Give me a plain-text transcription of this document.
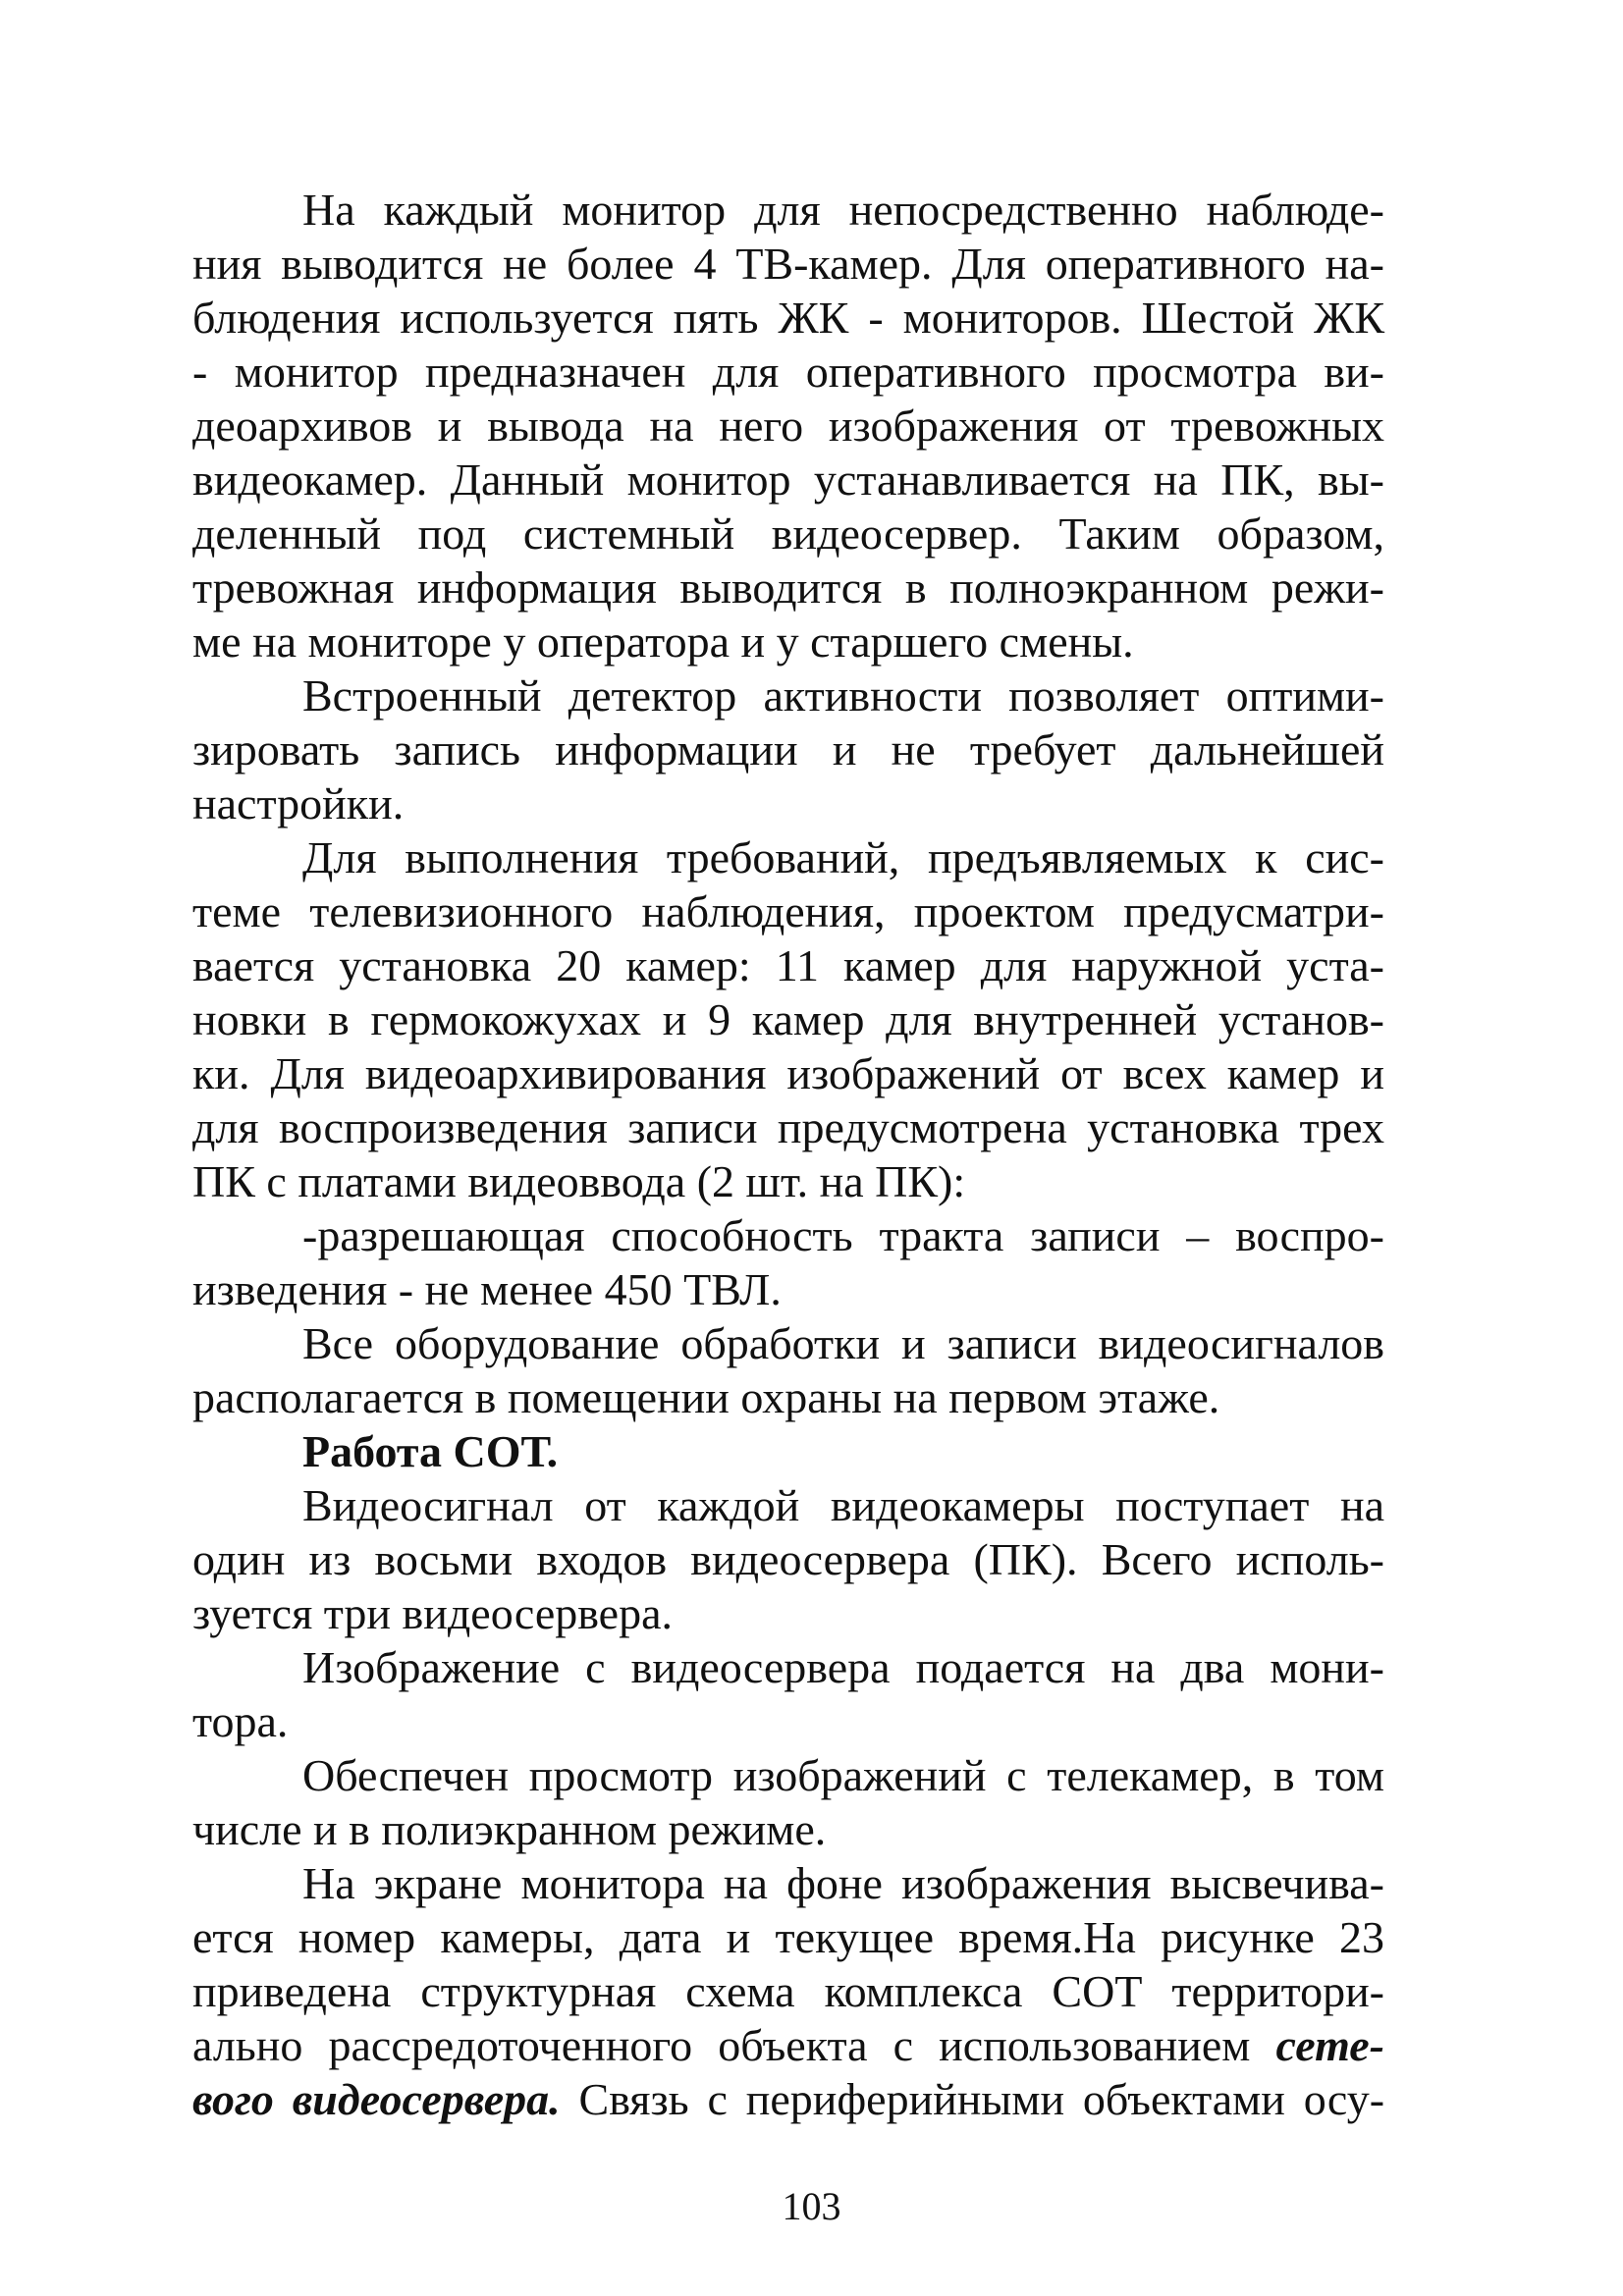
На каждый монитор для непосредственно наблюде-
ния выводится не более 4 ТВ-камер. Для оперативного на-
блюдения используется пять ЖК - мониторов. Шестой ЖК
- монитор предназначен для оперативного просмотра ви-
деоархивов и вывода на него изображения от тревожных
видеокамер. Данный монитор устанавливается на ПК, вы-
деленный под системный видеосервер. Таким образом,
тревожная информация выводится в полноэкранном режи-
ме на мониторе у оператора и у старшего смены.
Встроенный детектор активности позволяет оптими-
зировать запись информации и не требует дальнейшей
настройки.
Для выполнения требований, предъявляемых к сис-
теме телевизионного наблюдения, проектом предусматри-
вается установка 20 камер: 11 камер для наружной уста-
новки в гермокожухах и 9 камер для внутренней установ-
ки. Для видеоархивирования изображений от всех камер и
для воспроизведения записи предусмотрена установка трех
ПК с платами видеоввода (2 шт. на ПК):
-разрешающая способность тракта записи – воспро-
изведения - не менее 450 ТВЛ.
Все оборудование обработки и записи видеосигналов
располагается в помещении охраны на первом этаже.
Работа СОТ.
Видеосигнал от каждой видеокамеры поступает на
один из восьми входов видеосервера (ПК). Всего исполь-
зуется три видеосервера.
Изображение с видеосервера подается на два мони-
тора.
Обеспечен просмотр изображений с телекамер, в том
числе и в полиэкранном режиме.
На экране монитора на фоне изображения высвечива-
ется номер камеры, дата и текущее время.На рисунке 23
приведена структурная схема комплекса СОТ территори-
ально рассредоточенного объекта с использованием сете-
вого видеосервера. Связь с периферийными объектами осу-
103
